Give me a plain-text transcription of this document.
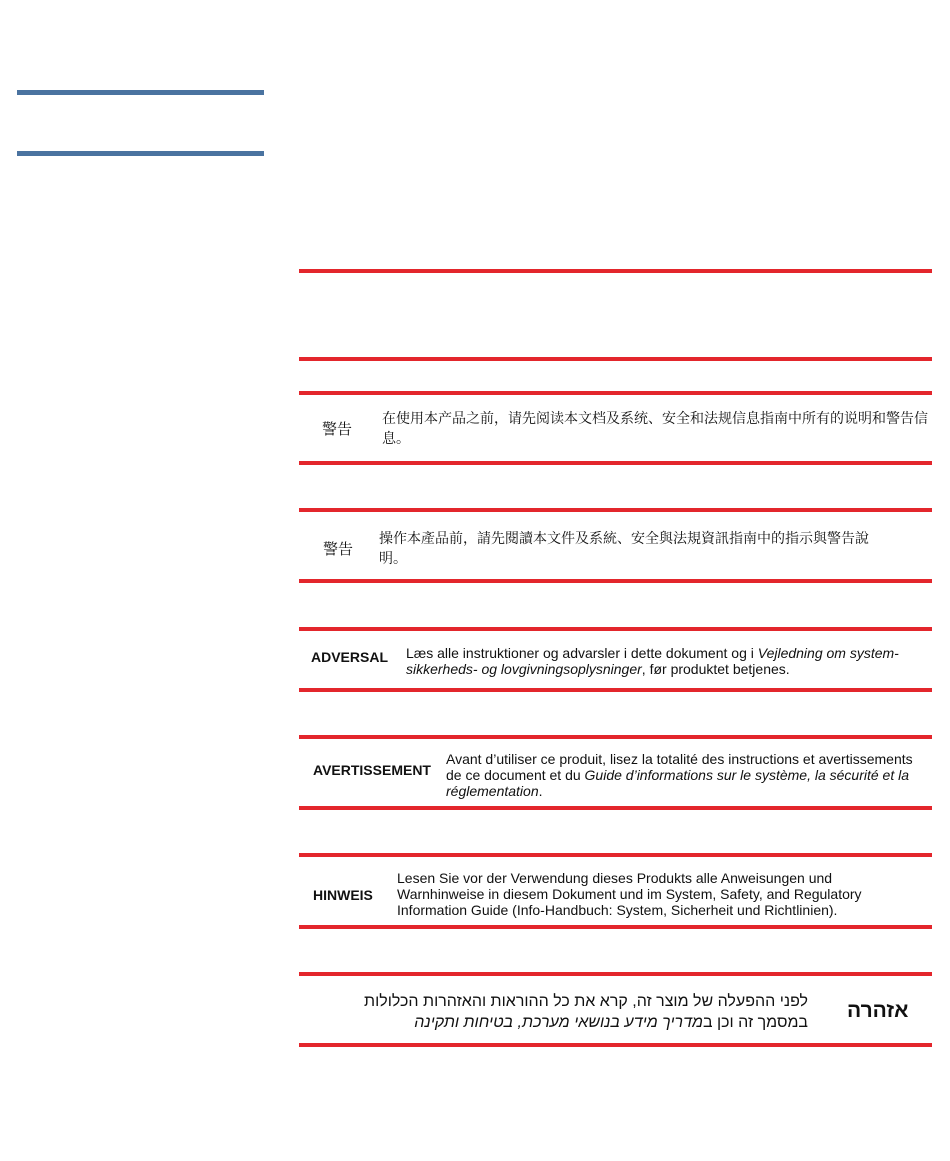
警告
在使用本产品之前，请先阅读本文档及系统、安全和法规信息指南中所有的说明和警告信息。
警告
操作本產品前，請先閱讀本文件及系統、安全與法規資訊指南中的指示與警告說明。
ADVERSAL Læs alle instruktioner og advarsler i dette dokument og i Vejledning om system-sikkerheds- og lovgivningsoplysninger, før produktet betjenes.
AVERTISSEMENT
Avant d’utiliser ce produit, lisez la totalité des instructions et avertissements de ce document et du Guide d’informations sur le système, la sécurité et la réglementation.
HINWEIS
Lesen Sie vor der Verwendung dieses Produkts alle Anweisungen und Warnhinweise in diesem Dokument und im System, Safety, and Regulatory Information Guide (Info-Handbuch: System, Sicherheit und Richtlinien).
לפני ההפעלה של מוצר זה, קרא את כל ההוראות והאזהרות הכלולות
במסמך זה וכן במדריך מידע בנושאי מערכת, בטיחות ותקינה
אזהרה
